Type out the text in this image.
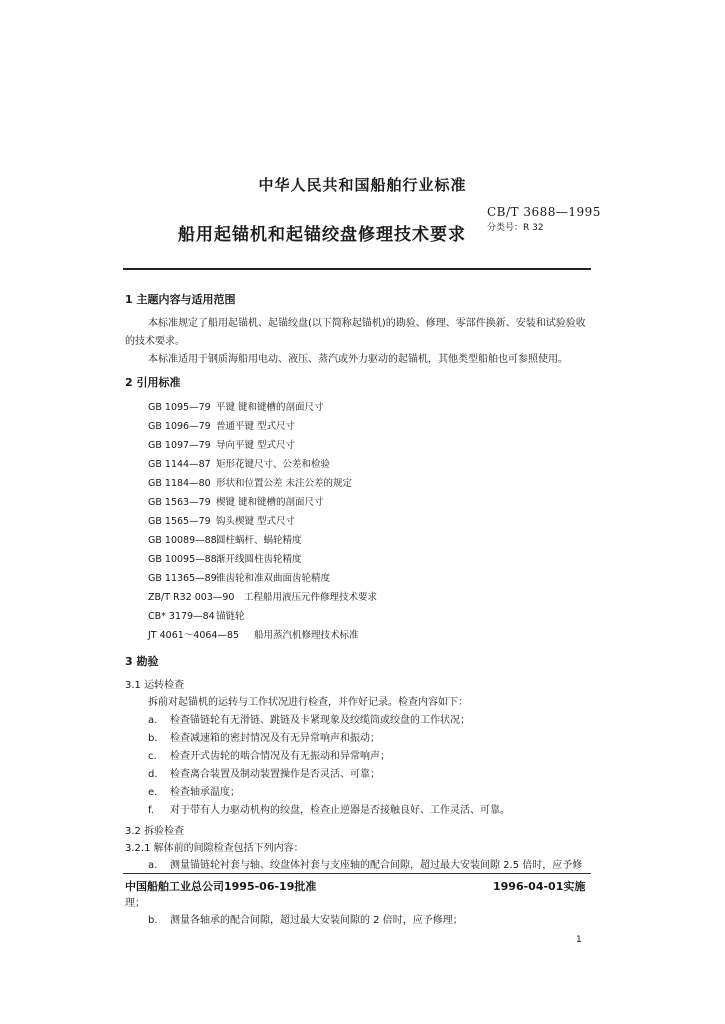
中华人民共和国船舶行业标准
CB/T 3688—1995
分类号：R 32
船用起锚机和起锚绞盘修理技术要求
1 主题内容与适用范围
本标准规定了船用起锚机、起锚绞盘(以下简称起锚机)的勘验、修理、零部件换新、安装和试验验收
的技术要求。
本标准适用于钢质海船用电动、液压、蒸汽或外力驱动的起锚机，其他类型船舶也可参照使用。
2 引用标准
GB 1095—79 平键 键和键槽的剖面尺寸
GB 1096—79 普通平键 型式尺寸
GB 1097—79 导向平键 型式尺寸
GB 1144—87 矩形花键尺寸、公差和检验
GB 1184—80 形状和位置公差 未注公差的规定
GB 1563—79 楔键 键和键槽的剖面尺寸
GB 1565—79 钩头楔键 型式尺寸
GB 10089—88圆柱蜗杆、蜗轮精度
GB 10095—88渐开线圆柱齿轮精度
GB 11365—89锥齿轮和准双曲面齿轮精度
ZB/T R32 003—90 工程船用液压元件修理技术要求
CB* 3179—84锚链轮
JT 4061～4064—85 船用蒸汽机修理技术标准
3 勘验
3.1 运转检查
拆前对起锚机的运转与工作状况进行检查，并作好记录。检查内容如下：
a. 检查锚链轮有无滑链、跳链及卡紧现象及绞缆筒或绞盘的工作状况；
b. 检查减速箱的密封情况及有无异常响声和振动；
c. 检查开式齿轮的啮合情况及有无振动和异常响声；
d. 检查离合装置及制动装置操作是否灵活、可靠；
e. 检查轴承温度；
f. 对于带有人力驱动机构的绞盘，检查止逆器是否接触良好、工作灵活、可靠。
3.2 拆验检查
3.2.1 解体前的间隙检查包括下列内容：
a. 测量锚链轮衬套与轴、绞盘体衬套与支座轴的配合间隙，超过最大安装间隙 2.5 倍时，应予修
中国船舶工业总公司1995-06-19批准	1996-04-01实施
理；
b. 测量各轴承的配合间隙，超过最大安装间隙的 2 倍时，应予修理；
1
